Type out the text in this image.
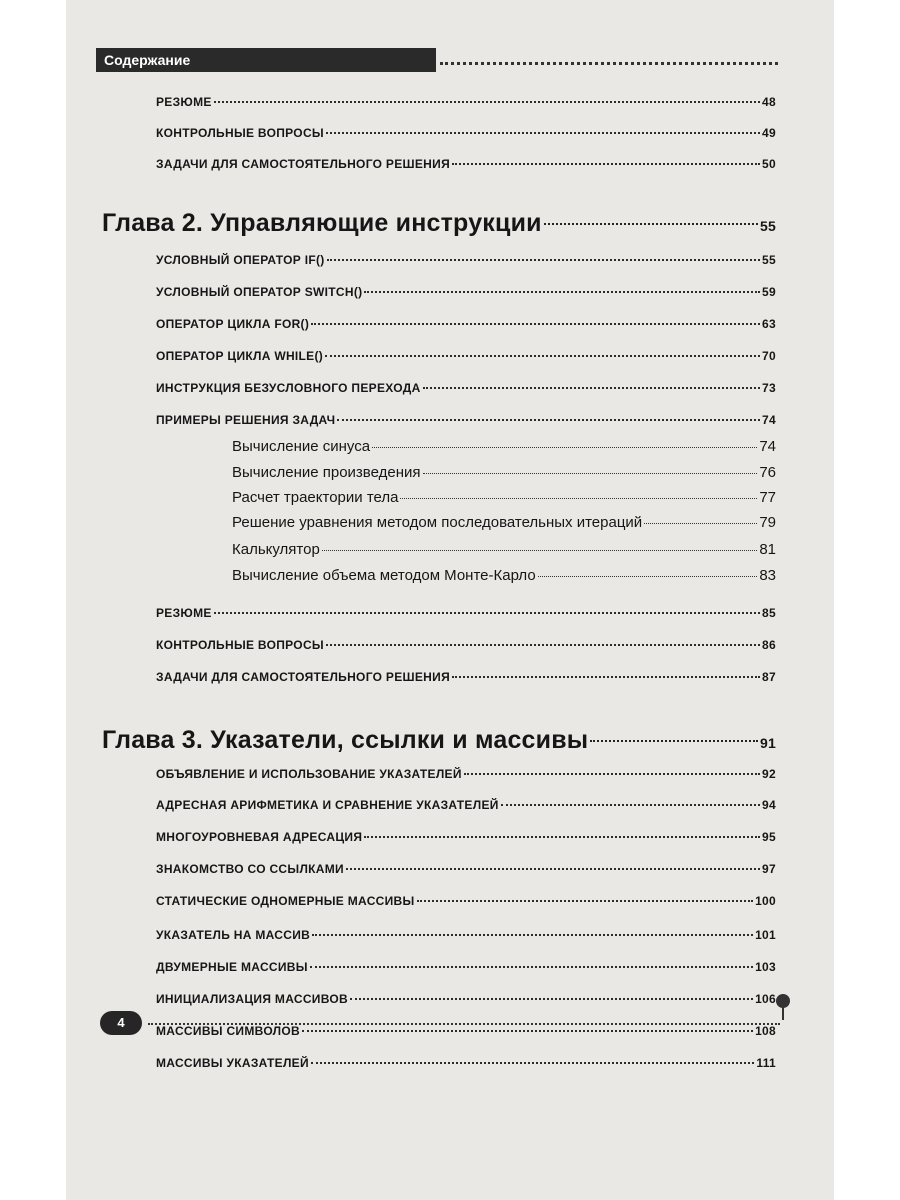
Содержание
РЕЗЮМЕ	48
КОНТРОЛЬНЫЕ ВОПРОСЫ	49
ЗАДАЧИ ДЛЯ САМОСТОЯТЕЛЬНОГО РЕШЕНИЯ	50
Глава 2. Управляющие инструкции	55
УСЛОВНЫЙ ОПЕРАТОР IF()	55
УСЛОВНЫЙ ОПЕРАТОР SWITCH()	59
ОПЕРАТОР ЦИКЛА FOR()	63
ОПЕРАТОР ЦИКЛА WHILE()	70
ИНСТРУКЦИЯ БЕЗУСЛОВНОГО ПЕРЕХОДА	73
ПРИМЕРЫ РЕШЕНИЯ ЗАДАЧ	74
Вычисление синуса	74
Вычисление произведения	76
Расчет траектории тела	77
Решение уравнения методом последовательных итераций	79
Калькулятор	81
Вычисление объема методом Монте-Карло	83
РЕЗЮМЕ	85
КОНТРОЛЬНЫЕ ВОПРОСЫ	86
ЗАДАЧИ ДЛЯ САМОСТОЯТЕЛЬНОГО РЕШЕНИЯ	87
Глава 3. Указатели, ссылки и массивы	91
ОБЪЯВЛЕНИЕ И ИСПОЛЬЗОВАНИЕ УКАЗАТЕЛЕЙ	92
АДРЕСНАЯ АРИФМЕТИКА И СРАВНЕНИЕ УКАЗАТЕЛЕЙ	94
МНОГОУРОВНЕВАЯ АДРЕСАЦИЯ	95
ЗНАКОМСТВО СО ССЫЛКАМИ	97
СТАТИЧЕСКИЕ ОДНОМЕРНЫЕ МАССИВЫ	100
УКАЗАТЕЛЬ НА МАССИВ	101
ДВУМЕРНЫЕ МАССИВЫ	103
ИНИЦИАЛИЗАЦИЯ МАССИВОВ	106
МАССИВЫ СИМВОЛОВ	108
МАССИВЫ УКАЗАТЕЛЕЙ	111
4
